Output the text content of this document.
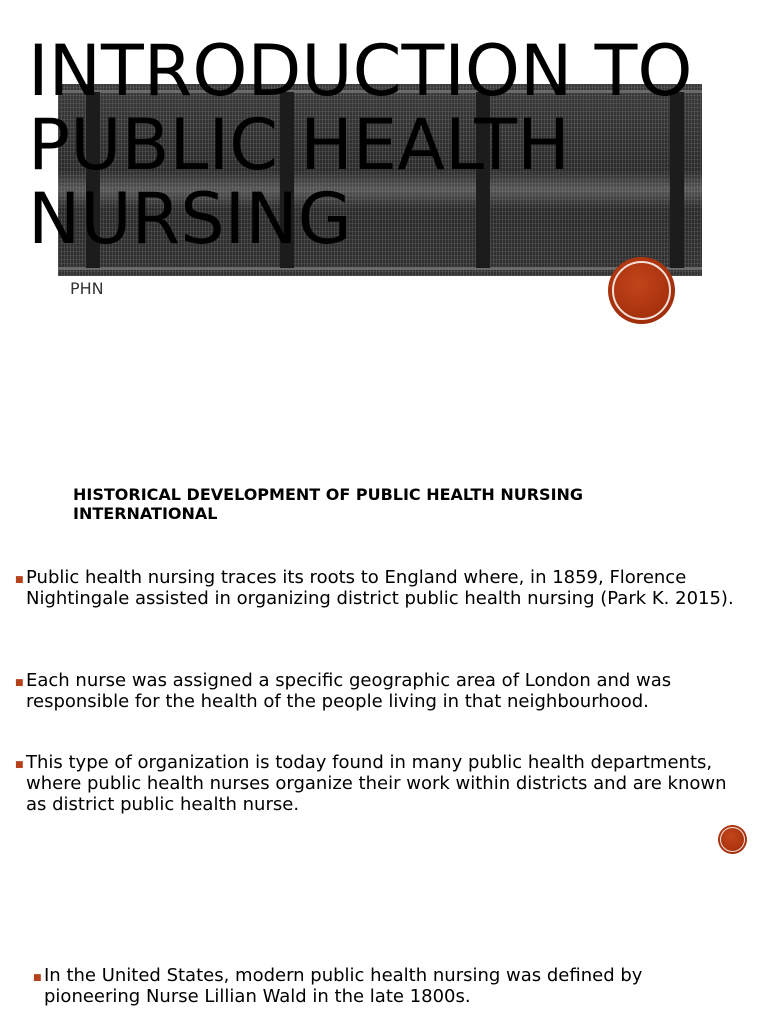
INTRODUCTION TO PUBLIC HEALTH NURSING
PHN
HISTORICAL DEVELOPMENT OF PUBLIC HEALTH NURSING INTERNATIONAL
■ Public health nursing traces its roots to England where, in 1859, Florence Nightingale assisted in organizing district public health nursing (Park K. 2015).
■ Each nurse was assigned a specific geographic area of London and was responsible for the health of the people living in that neighbourhood.
■ This type of organization is today found in many public health departments, where public health nurses organize their work within districts and are known as district public health nurse.
■ In the United States, modern public health nursing was defined by pioneering Nurse Lillian Wald in the late 1800s.
